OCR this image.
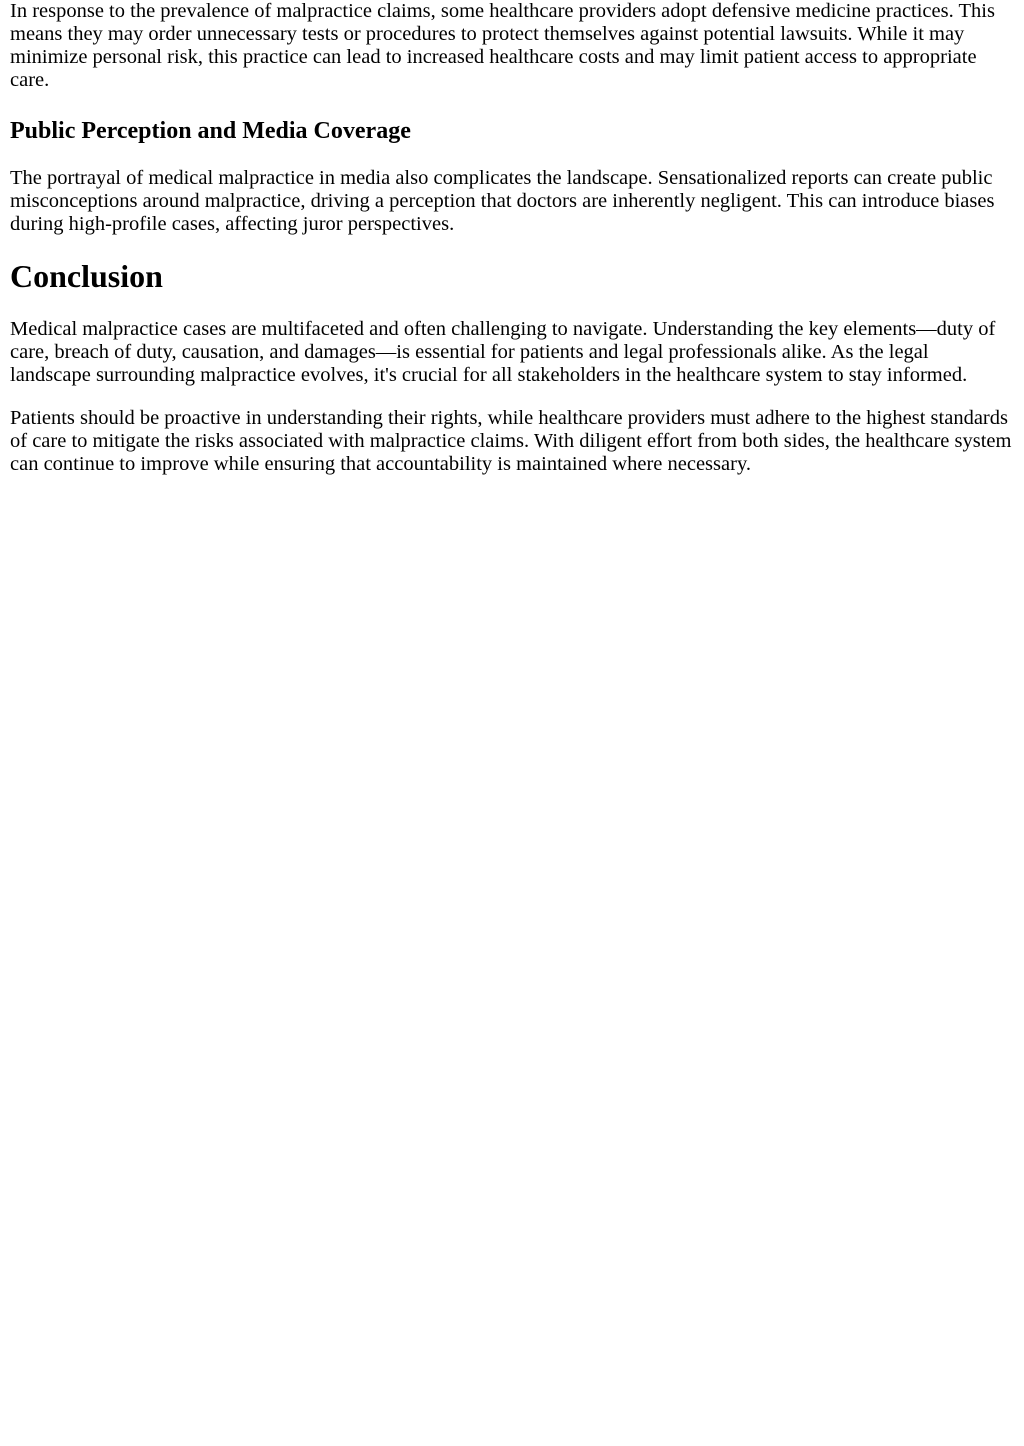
In response to the prevalence of malpractice claims, some healthcare providers adopt defensive medicine practices. This means they may order unnecessary tests or procedures to protect themselves against potential lawsuits. While it may minimize personal risk, this practice can lead to increased healthcare costs and may limit patient access to appropriate care.

Public Perception and Media Coverage

The portrayal of medical malpractice in media also complicates the landscape. Sensationalized reports can create public misconceptions around malpractice, driving a perception that doctors are inherently negligent. This can introduce biases during high-profile cases, affecting juror perspectives.

Conclusion

Medical malpractice cases are multifaceted and often challenging to navigate. Understanding the key elements—duty of care, breach of duty, causation, and damages—is essential for patients and legal professionals alike. As the legal landscape surrounding malpractice evolves, it's crucial for all stakeholders in the healthcare system to stay informed.

Patients should be proactive in understanding their rights, while healthcare providers must adhere to the highest standards of care to mitigate the risks associated with malpractice claims. With diligent effort from both sides, the healthcare system can continue to improve while ensuring that accountability is maintained where necessary.
